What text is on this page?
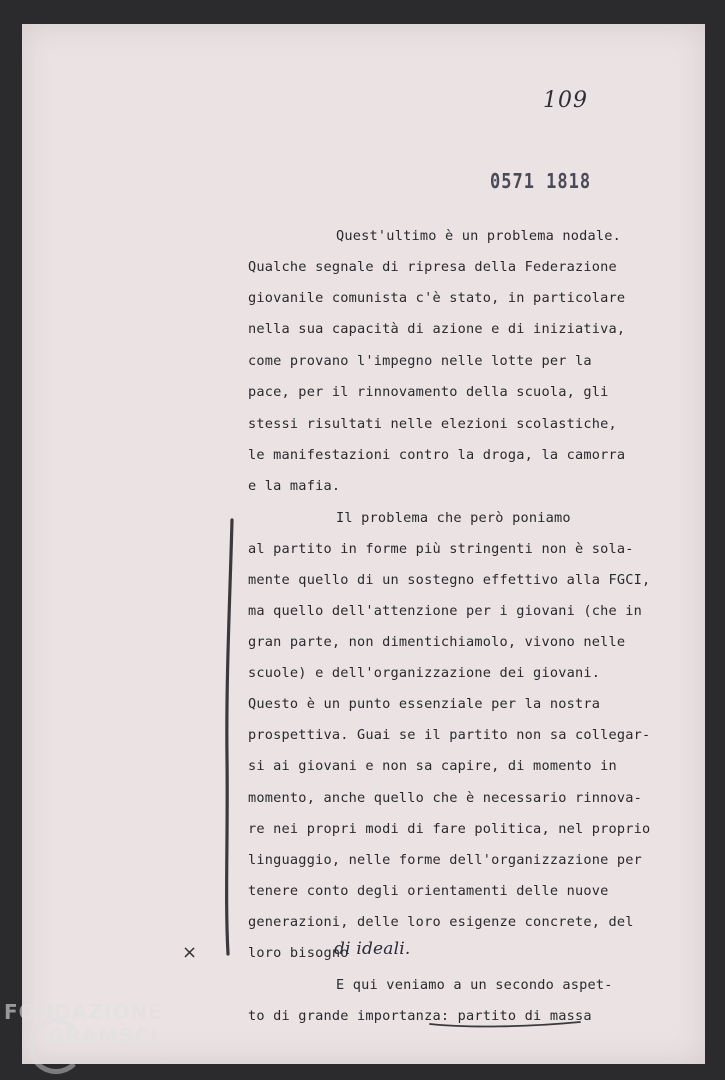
109
0571 1818
Quest'ultimo è un problema nodale.
Qualche segnale di ripresa della Federazione
giovanile comunista c'è stato, in particolare
nella sua capacità di azione e di iniziativa,
come provano l'impegno nelle lotte per la
pace, per il rinnovamento della scuola, gli
stessi risultati nelle elezioni scolastiche,
le manifestazioni contro la droga, la camorra
e la mafia.
Il problema che però poniamo
al partito in forme più stringenti non è sola-
mente quello di un sostegno effettivo alla FGCI,
ma quello dell'attenzione per i giovani (che in
gran parte, non dimentichiamolo, vivono nelle
scuole) e dell'organizzazione dei giovani.
Questo è un punto essenziale per la nostra
prospettiva. Guai se il partito non sa collegar-
si ai giovani e non sa capire, di momento in
momento, anche quello che è necessario rinnova-
re nei propri modi di fare politica, nel proprio
linguaggio, nelle forme dell'organizzazione per
tenere conto degli orientamenti delle nuove
generazioni, delle loro esigenze concrete, del
loro bisogno
di ideali.
E qui veniamo a un secondo aspet-
to di grande importanza: partito di massa
×
FONDAZIONE
GRAMSCI
onlus
